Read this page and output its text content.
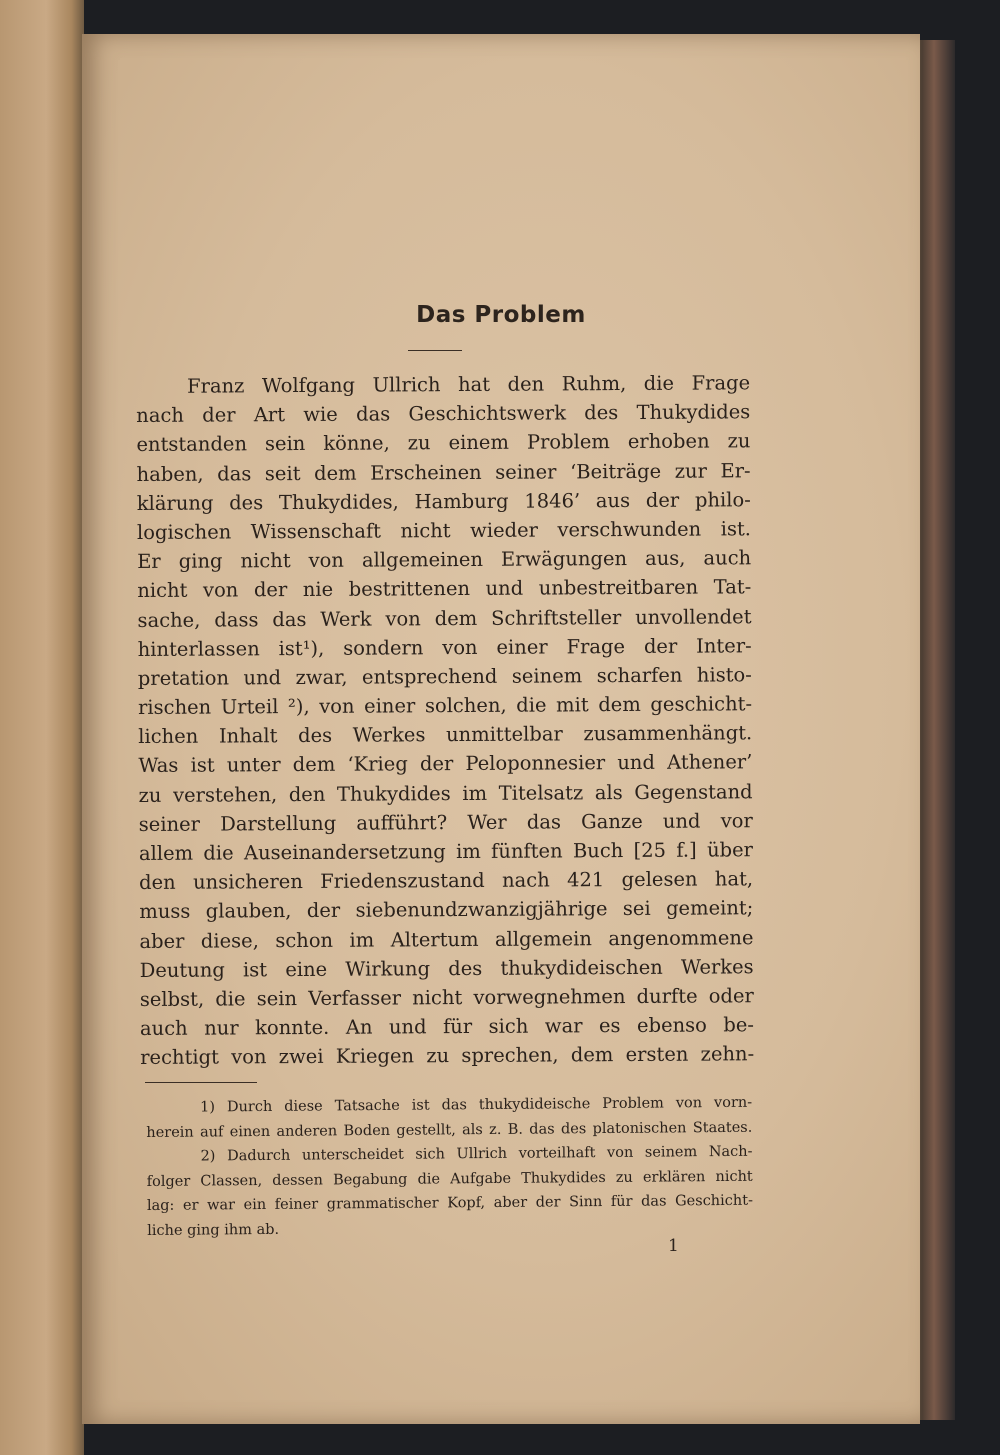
Das Problem
Franz Wolfgang Ullrich hat den Ruhm, die Frage
nach der Art wie das Geschichtswerk des Thukydides
entstanden sein könne, zu einem Problem erhoben zu
haben, das seit dem Erscheinen seiner ‘Beiträge zur Er-
klärung des Thukydides, Hamburg 1846’ aus der philo-
logischen Wissenschaft nicht wieder verschwunden ist.
Er ging nicht von allgemeinen Erwägungen aus, auch
nicht von der nie bestrittenen und unbestreitbaren Tat-
sache, dass das Werk von dem Schriftsteller unvollendet
hinterlassen ist¹), sondern von einer Frage der Inter-
pretation und zwar, entsprechend seinem scharfen histo-
rischen Urteil ²), von einer solchen, die mit dem geschicht-
lichen Inhalt des Werkes unmittelbar zusammenhängt.
Was ist unter dem ‘Krieg der Peloponnesier und Athener’
zu verstehen, den Thukydides im Titelsatz als Gegenstand
seiner Darstellung aufführt? Wer das Ganze und vor
allem die Auseinandersetzung im fünften Buch [25 f.] über
den unsicheren Friedenszustand nach 421 gelesen hat,
muss glauben, der siebenundzwanzigjährige sei gemeint;
aber diese, schon im Altertum allgemein angenommene
Deutung ist eine Wirkung des thukydideischen Werkes
selbst, die sein Verfasser nicht vorwegnehmen durfte oder
auch nur konnte. An und für sich war es ebenso be-
rechtigt von zwei Kriegen zu sprechen, dem ersten zehn-
1) Durch diese Tatsache ist das thukydideische Problem von vorn-
herein auf einen anderen Boden gestellt, als z. B. das des platonischen Staates.
2) Dadurch unterscheidet sich Ullrich vorteilhaft von seinem Nach-
folger Classen, dessen Begabung die Aufgabe Thukydides zu erklären nicht
lag: er war ein feiner grammatischer Kopf, aber der Sinn für das Geschicht-
liche ging ihm ab.
1
